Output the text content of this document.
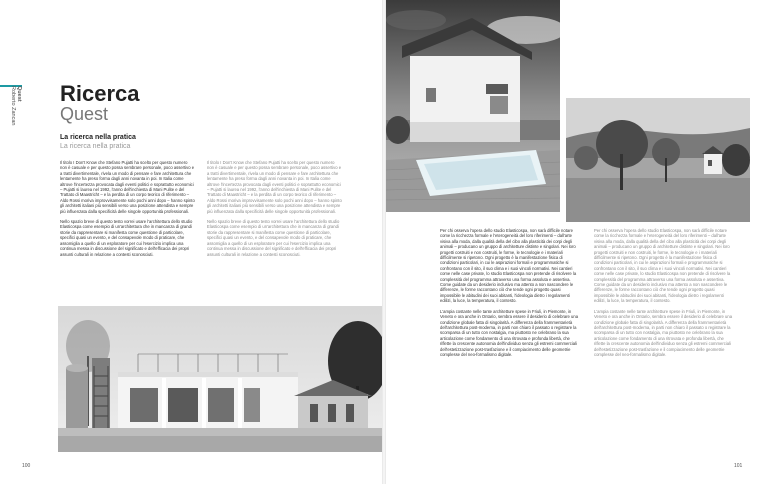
Quest
Roberto Zancan Ricerca
Quest
La ricerca nella pratica
La ricerca nella pratica

Il titolo I Don't Know che Stefano Pujatti ha scelto per questo numero non è casuale e per questo possa sembrare personale, poco assertivo e a tratti divertimentale, rivela un modo di pensare e fare architettura che lentamente ha preso forma dagli anni novanta in poi. In Italia come altrove l'incertezza provocata dagli eventi politici e soprattutto economici – Pujatti si laurea nel 1992, l'anno dell'inchiesta di Mani Pulite e del Trattato di Maastricht – e la perdita di un corpo teorico di riferimento – Aldo Rossi moriva improvvisamente solo pochi anni dopo – hanno spinto gli architetti italiani più sensibili verso una posizione attendista e sempre più influenzata dalla specificità delle singole opportunità professionali.

Nello spazio breve di questo testo vorrei usare l'architettura dello studio Elasticospa come esempio di un'architettura che in mancanza di grandi storie da rappresentare si manifesta come questione di particolare, specifici quasi un evento, e del consapevole modo di praticare, che assomiglia a quello di un esploratore per cui l'esercizio implica una continua messa in discussione del significato e dell'efficacia dei propri assunti culturali in relazione a contesti sconosciuti.

Il titolo I Don't Know che Stefano Pujatti ha scelto per questo numero non è casuale e per questo possa sembrare personale, poco assertivo e a tratti divertimentale, rivela un modo di pensare e fare architettura che lentamente ha preso forma dagli anni novanta in poi. In Italia come altrove l'incertezza provocata dagli eventi politici e soprattutto economici – Pujatti si laurea nel 1992, l'anno dell'inchiesta di Mani Pulite e del Trattato di Maastricht – e la perdita di un corpo teorico di riferimento – Aldo Rossi moriva improvvisamente solo pochi anni dopo – hanno spinto gli architetti italiani più sensibili verso una posizione attendista e sempre più influenzata dalla specificità delle singole opportunità professionali.

Nello spazio breve di questo testo vorrei usare l'architettura dello studio Elasticospa come esempio di un'architettura che in mancanza di grandi storie da rappresentare si manifesta come questione di particolare, specifici quasi un evento, e del consapevole modo di praticare, che assomiglia a quello di un esploratore per cui l'esercizio implica una continua messa in discussione del significato e dell'efficacia dei propri assunti culturali in relazione a contesti sconosciuti.

100

Per chi osserva l'opera dello studio Elasticospa, non sarà difficile notare come la ricchezza formale e l'eterogeneità del loro riferimenti – dall'arte visiva alla moda, dalla qualità della del cibo alla plasticità dei corpi degli animali – producano un gruppo di architetture distinte e singolari. Nei loro progetti costruiti e non costruiti, le forme, le tecnologie e i materiali difficilmente si ripetono. Ogni progetto è la manifestazione fisica di condizioni particolari, in cui le aspirazioni formali e programmatiche si confrontano con il sito, il suo clima e i suoi vincoli normativi. Nei cantieri come nelle case private, lo studio Elasticospa non pretende di risolvere la complessità del programma attraverso una forma assoluta e assertiva. Come guidate da un desiderio inclusivo ma attento a non nascondere le differenze, le forme raccontano ciò che tende ogni progetto quasi impossibile le abitudini dei suoi abitanti, l'ideologia dietro i regolamenti edilizi, la luce, la temperatura, il contesto.

L'ampia costante nelle tante architetture spese in Friuli, in Piemonte, in Veneto e ora anche in Ontario, sembra essere il desiderio di celebrare una condizione globale fatta di singolarità. A differenza della frammentarietà dell'architettura post-moderna, in parti non chiaro il passato o registrare la scomparsa di un tutto con nostalgia, ma piuttosto ne celebrano la sua articolazione come fondamento di una ritrovata e profonda libertà, che riflette la crescente autonomia dell'individuo senza gli estremi commerciali dell'estetizzazione post-trasfazione e il compiacimento delle geometrie complesse del neo-formalismo digitale.

Per chi osserva l'opera dello studio Elasticospa, non sarà difficile notare come la ricchezza formale e l'eterogeneità del loro riferimenti – dall'arte visiva alla moda, dalla qualità della del cibo alla plasticità dei corpi degli animali – producano un gruppo di architetture distinte e singolari. Nei loro progetti costruiti e non costruiti, le forme, le tecnologie e i materiali difficilmente si ripetono. Ogni progetto è la manifestazione fisica di condizioni particolari, in cui le aspirazioni formali e programmatiche si confrontano con il sito, il suo clima e i suoi vincoli normativi. Nei cantieri come nelle case private, lo studio Elasticospa non pretende di risolvere la complessità del programma attraverso una forma assoluta e assertiva. Come guidate da un desiderio inclusivo ma attento a non nascondere le differenze, le forme raccontano ciò che tende ogni progetto quasi impossibile le abitudini dei suoi abitanti, l'ideologia dietro i regolamenti edilizi, la luce, la temperatura, il contesto.

L'ampia costante nelle tante architetture spese in Friuli, in Piemonte, in Veneto e ora anche in Ontario, sembra essere il desiderio di celebrare una condizione globale fatta di singolarità. A differenza della frammentarietà dell'architettura post-moderna, in parti non chiaro il passato o registrare la scomparsa di un tutto con nostalgia, ma piuttosto ne celebrano la sua articolazione come fondamento di una ritrovata e profonda libertà, che riflette la crescente autonomia dell'individuo senza gli estremi commerciali dell'estetizzazione post-trasfazione e il compiacimento delle geometrie complesse del neo-formalismo digitale.

101
